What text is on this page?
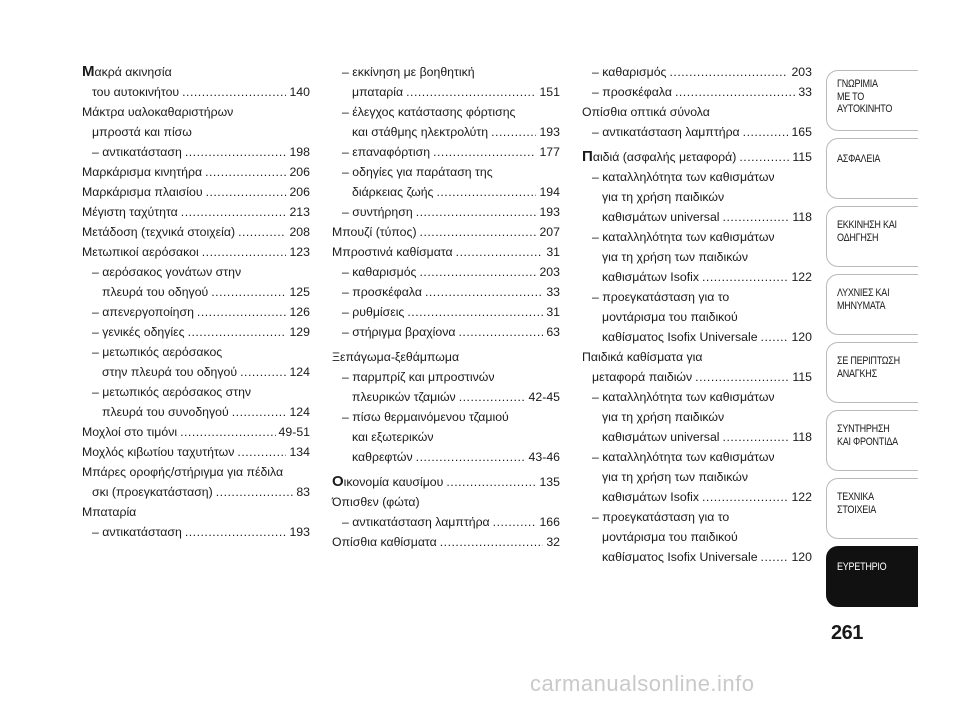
Μακρά ακινησία
του αυτοκινήτου .....	140
Μάκτρα υαλοκαθαριστήρων
μπροστά και πίσω
– αντικατάσταση .....	198
Μαρκάρισμα κινητήρα .....	206
Μαρκάρισμα πλαισίου .....	206
Μέγιστη ταχύτητα .....	213
Μετάδοση (τεχνικά στοιχεία) .....	208
Μετωπικοί αερόσακοι .....	123
– αερόσακος γονάτων στην
πλευρά του οδηγού .....	125
– απενεργοποίηση .....	126
– γενικές οδηγίες .....	129
– μετωπικός αερόσακος
στην πλευρά του οδηγού .....	124
– μετωπικός αερόσακος στην
πλευρά του συνοδηγού .....	124
Μοχλοί στο τιμόνι .....	49-51
Μοχλός κιβωτίου ταχυτήτων .....	134
Μπάρες οροφής/στήριγμα για πέδιλα
σκι (προεγκατάσταση) .....	83
Μπαταρία
– αντικατάσταση .....	193
– εκκίνηση με βοηθητική
μπαταρία .....	151
– έλεγχος κατάστασης φόρτισης
και στάθμης ηλεκτρολύτη .....	193
– επαναφόρτιση .....	177
– οδηγίες για παράταση της
διάρκειας ζωής .....	194
– συντήρηση .....	193
Μπουζί (τύπος) .....	207
Μπροστινά καθίσματα .....	31
– καθαρισμός .....	203
– προσκέφαλα .....	33
– ρυθμίσεις .....	31
– στήριγμα βραχίονα .....	63
Ξεπάγωμα-ξεθάμπωμα
– παρμπρίζ και μπροστινών
πλευρικών τζαμιών .....	42-45
– πίσω θερμαινόμενου τζαμιού
και εξωτερικών
καθρεφτών .....	43-46
Οικονομία καυσίμου .....	135
Όπισθεν (φώτα)
– αντικατάσταση λαμπτήρα .....	166
Οπίσθια καθίσματα .....	32
– καθαρισμός .....	203
– προσκέφαλα .....	33
Οπίσθια οπτικά σύνολα
– αντικατάσταση λαμπτήρα .....	165
Παιδιά (ασφαλής μεταφορά) .....	115
– καταλληλότητα των καθισμάτων
για τη χρήση παιδικών
καθισμάτων universal .....	118
– καταλληλότητα των καθισμάτων
για τη χρήση των παιδικών
καθισμάτων Isofix .....	122
– προεγκατάσταση για το
μοντάρισμα του παιδικού
καθίσματος Isofix Universale .....	120
Παιδικά καθίσματα για
μεταφορά παιδιών .....	115
– καταλληλότητα των καθισμάτων
για τη χρήση παιδικών
καθισμάτων universal .....	118
– καταλληλότητα των καθισμάτων
για τη χρήση των παιδικών
καθισμάτων Isofix .....	122
– προεγκατάσταση για το
μοντάρισμα του παιδικού
καθίσματος Isofix Universale .....	120
ΓΝΩΡΙΜΙΑ
ΜΕ ΤΟ
ΑΥΤΟΚΙΝΗΤΟ
ΑΣΦΑΛΕΙΑ
ΕΚΚΙΝΗΣΗ ΚΑΙ
ΟΔΗΓΗΣΗ
ΛΥΧΝΙΕΣ ΚΑΙ
ΜΗΝΥΜΑΤΑ
ΣΕ ΠΕΡΙΠΤΩΣΗ
ΑΝΑΓΚΗΣ
ΣΥΝΤΗΡΗΣΗ
ΚΑΙ ΦΡΟΝΤΙΔΑ
ΤΕΧΝΙΚΑ
ΣΤΟΙΧΕΙΑ
ΕΥΡΕΤΗΡΙΟ
261
carmanualsonline.info
